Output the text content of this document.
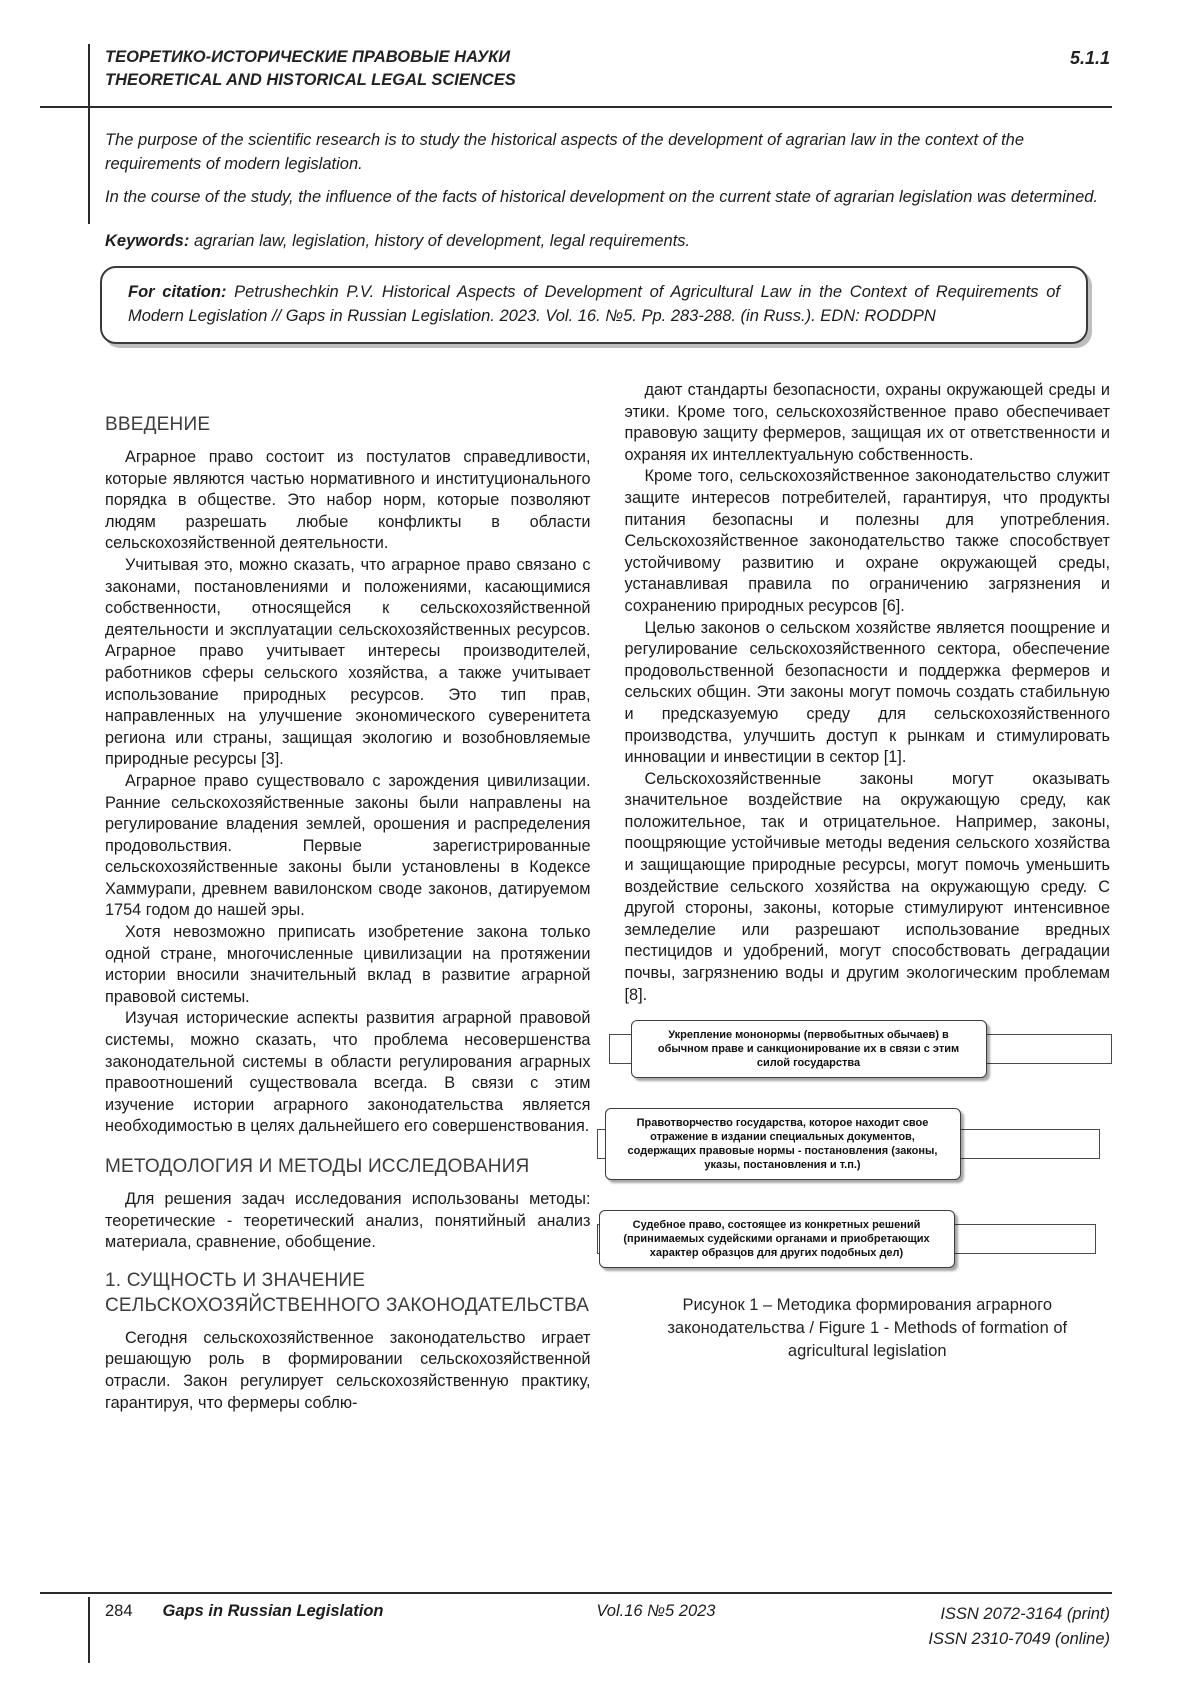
ТЕОРЕТИКО-ИСТОРИЧЕСКИЕ ПРАВОВЫЕ НАУКИ
THEORETICAL AND HISTORICAL LEGAL SCIENCES
5.1.1

The purpose of the scientific research is to study the historical aspects of the development of agrarian law in the context of the requirements of modern legislation.

In the course of the study, the influence of the facts of historical development on the current state of agrarian legislation was determined.

Keywords: agrarian law, legislation, history of development, legal requirements.

For citation: Petrushechkin P.V. Historical Aspects of Development of Agricultural Law in the Context of Requirements of Modern Legislation // Gaps in Russian Legislation. 2023. Vol. 16. №5. Pp. 283-288. (in Russ.). EDN: RODDPN

ВВЕДЕНИЕ

Аграрное право состоит из постулатов справедливости, которые являются частью нормативного и институционального порядка в обществе. Это набор норм, которые позволяют людям разрешать любые конфликты в области сельскохозяйственной деятельности.

Учитывая это, можно сказать, что аграрное право связано с законами, постановлениями и положениями, касающимися собственности, относящейся к сельскохозяйственной деятельности и эксплуатации сельскохозяйственных ресурсов. Аграрное право учитывает интересы производителей, работников сферы сельского хозяйства, а также учитывает использование природных ресурсов. Это тип прав, направленных на улучшение экономического суверенитета региона или страны, защищая экологию и возобновляемые природные ресурсы [3].

Аграрное право существовало с зарождения цивилизации. Ранние сельскохозяйственные законы были направлены на регулирование владения землей, орошения и распределения продовольствия. Первые зарегистрированные сельскохозяйственные законы были установлены в Кодексе Хаммурапи, древнем вавилонском своде законов, датируемом 1754 годом до нашей эры.

Хотя невозможно приписать изобретение закона только одной стране, многочисленные цивилизации на протяжении истории вносили значительный вклад в развитие аграрной правовой системы.

Изучая исторические аспекты развития аграрной правовой системы, можно сказать, что проблема несовершенства законодательной системы в области регулирования аграрных правоотношений существовала всегда. В связи с этим изучение истории аграрного законодательства является необходимостью в целях дальнейшего его совершенствования.

МЕТОДОЛОГИЯ И МЕТОДЫ ИССЛЕДОВАНИЯ

Для решения задач исследования использованы методы: теоретические - теоретический анализ, понятийный анализ материала, сравнение, обобщение.

1. СУЩНОСТЬ И ЗНАЧЕНИЕ СЕЛЬСКОХОЗЯЙСТВЕННОГО ЗАКОНОДАТЕЛЬСТВА

Сегодня сельскохозяйственное законодательство играет решающую роль в формировании сельскохозяйственной отрасли. Закон регулирует сельскохозяйственную практику, гарантируя, что фермеры соблю-

дают стандарты безопасности, охраны окружающей среды и этики. Кроме того, сельскохозяйственное право обеспечивает правовую защиту фермеров, защищая их от ответственности и охраняя их интеллектуальную собственность.

Кроме того, сельскохозяйственное законодательство служит защите интересов потребителей, гарантируя, что продукты питания безопасны и полезны для употребления. Сельскохозяйственное законодательство также способствует устойчивому развитию и охране окружающей среды, устанавливая правила по ограничению загрязнения и сохранению природных ресурсов [6].

Целью законов о сельском хозяйстве является поощрение и регулирование сельскохозяйственного сектора, обеспечение продовольственной безопасности и поддержка фермеров и сельских общин. Эти законы могут помочь создать стабильную и предсказуемую среду для сельскохозяйственного производства, улучшить доступ к рынкам и стимулировать инновации и инвестиции в сектор [1].

Сельскохозяйственные законы могут оказывать значительное воздействие на окружающую среду, как положительное, так и отрицательное. Например, законы, поощряющие устойчивые методы ведения сельского хозяйства и защищающие природные ресурсы, могут помочь уменьшить воздействие сельского хозяйства на окружающую среду. С другой стороны, законы, которые стимулируют интенсивное земледелие или разрешают использование вредных пестицидов и удобрений, могут способствовать деградации почвы, загрязнению воды и другим экологическим проблемам [8].

Укрепление мононормы (первобытных обычаев) в обычном праве и санкционирование их в связи с этим силой государства
Правотворчество государства, которое находит свое отражение в издании специальных документов, содержащих правовые нормы - постановления (законы, указы, постановления и т.п.)
Судебное право, состоящее из конкретных решений (принимаемых судейскими органами и приобретающих характер образцов для других подобных дел)
Рисунок 1 – Методика формирования аграрного законодательства / Figure 1 - Methods of formation of agricultural legislation
284 Gaps in Russian Legislation	Vol.16 №5 2023	ISSN 2072-3164 (print)
ISSN 2310-7049 (online)
